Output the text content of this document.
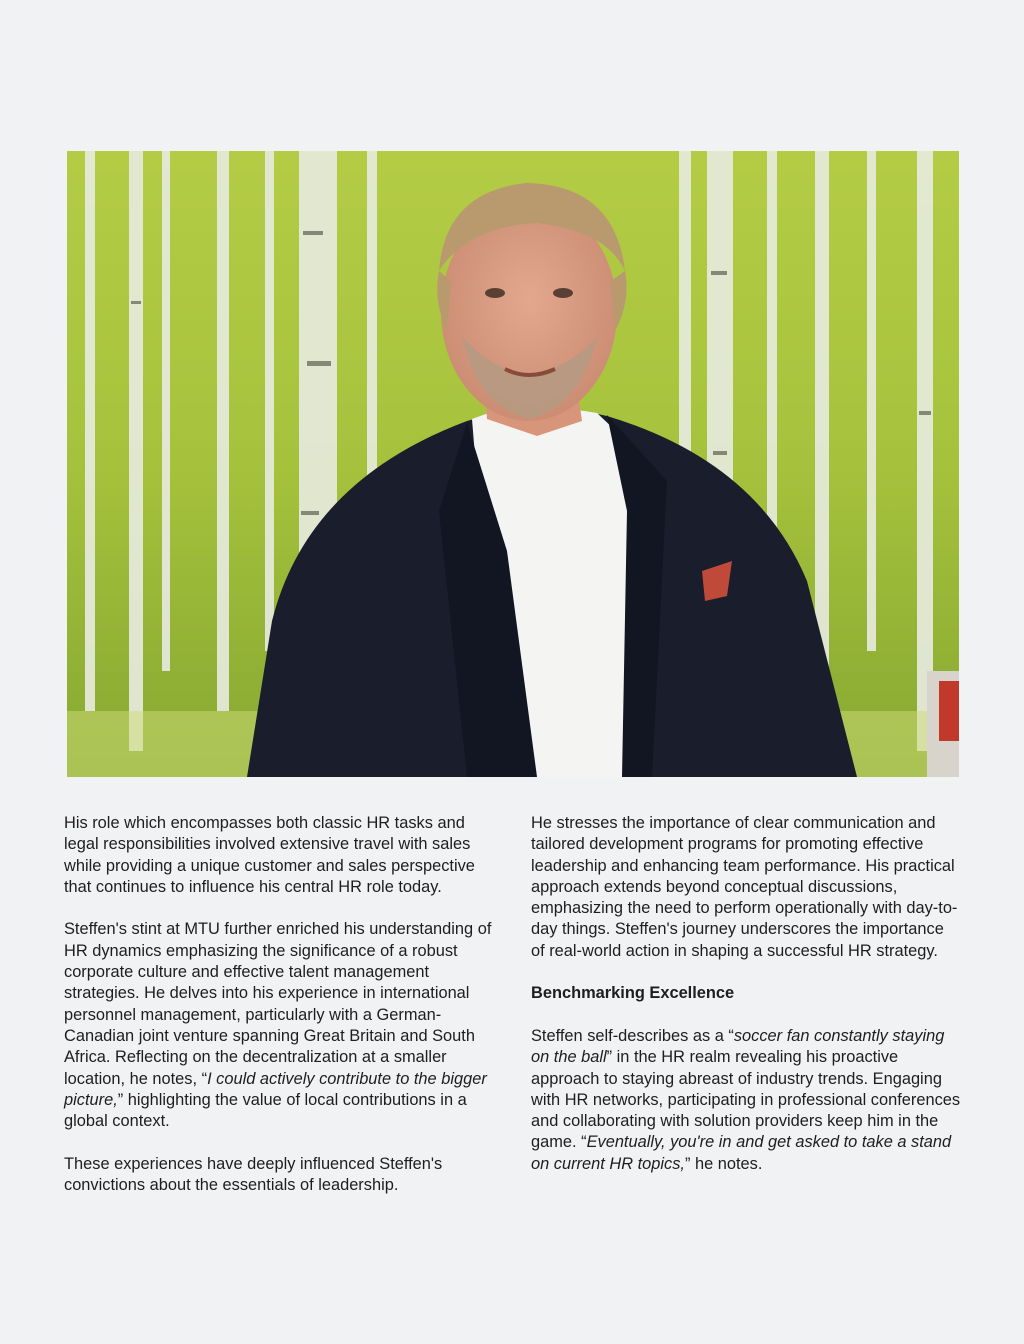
His role which encompasses both classic HR tasks and legal responsibilities involved extensive travel with sales while providing a unique customer and sales perspective that continues to influence his central HR role today.

Steffen's stint at MTU further enriched his understanding of HR dynamics emphasizing the significance of a robust corporate culture and effective talent management strategies. He delves into his experience in international personnel management, particularly with a German-Canadian joint venture spanning Great Britain and South Africa. Reflecting on the decentralization at a smaller location, he notes, “I could actively contribute to the bigger picture,” highlighting the value of local contributions in a global context.

These experiences have deeply influenced Steffen's convictions about the essentials of leadership.

He stresses the importance of clear communication and tailored development programs for promoting effective leadership and enhancing team performance. His practical approach extends beyond conceptual discussions, emphasizing the need to perform operationally with day-to-day things. Steffen's journey underscores the importance of real-world action in shaping a successful HR strategy.

Benchmarking Excellence

Steffen self-describes as a “soccer fan constantly staying on the ball” in the HR realm revealing his proactive approach to staying abreast of industry trends. Engaging with HR networks, participating in professional conferences and collaborating with solution providers keep him in the game. “Eventually, you're in and get asked to take a stand on current HR topics,” he notes.
